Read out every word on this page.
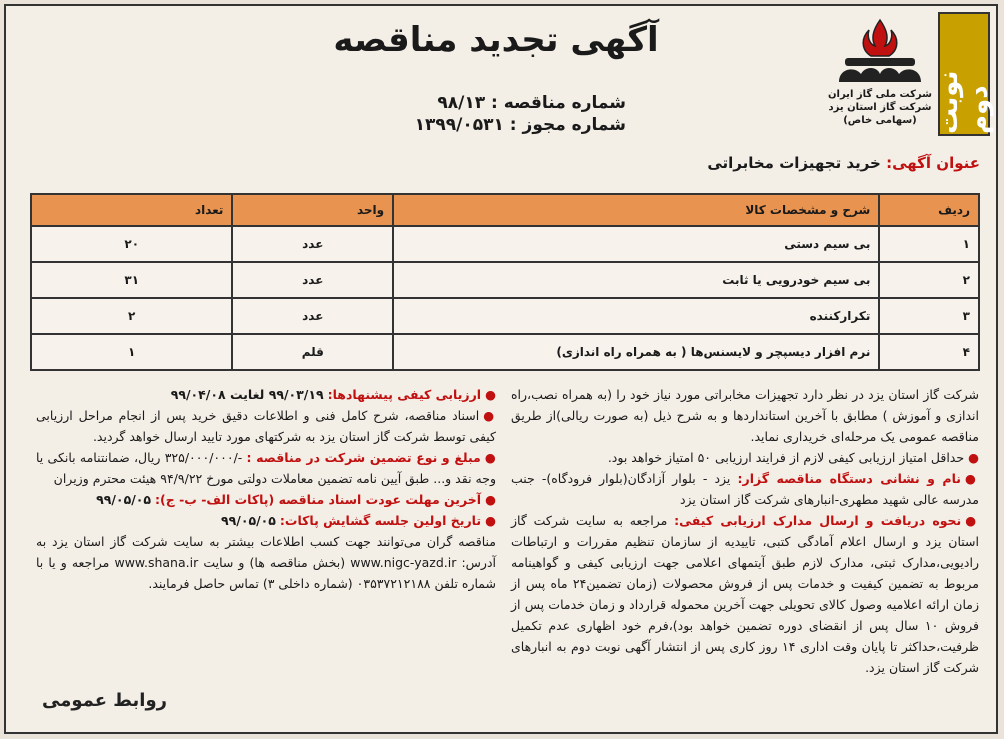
نوبت دوم
شرکت ملی گاز ایران
شرکت گاز استان یزد
(سهامی خاص)
آگهی تجدید مناقصه
شماره مناقصه : ۹۸/۱۳
شماره مجوز : ۱۳۹۹/۰۵۳۱
عنوان آگهی: خرید تجهیزات مخابراتی
ردیف	شرح و مشخصات کالا	واحد	تعداد
۱	بی سیم دستی	عدد	۲۰
۲	بی سیم خودرویی یا ثابت	عدد	۳۱
۳	تکرارکننده	عدد	۲
۴	نرم افزار دیسپچر و لایسنس‌ها ( به همراه راه اندازی)	قلم	۱

شرکت گاز استان یزد در نظر دارد تجهیزات مخابراتی مورد نیاز خود را (به همراه نصب،راه اندازی و آموزش ) مطابق با آخرین استانداردها و به شرح ذیل (به صورت ریالی)از طریق مناقصه عمومی یک مرحله‌ای خریداری نماید.

●حداقل امتیاز ارزیابی کیفی لازم از فرایند ارزیابی ۵۰ امتیاز خواهد بود.

●نام و نشانی دستگاه مناقصه گزار: یزد - بلوار آزادگان(بلوار فرودگاه)- جنب مدرسه عالی شهید مطهری-انبارهای شرکت گاز استان یزد

●نحوه دریافت و ارسال مدارک ارزیابی کیفی: مراجعه به سایت شرکت گاز استان یزد و ارسال اعلام آمادگی کتبی، تاییدیه از سازمان تنظیم مقررات و ارتباطات رادیویی،مدارک ثبتی، مدارک لازم طبق آیتمهای اعلامی جهت ارزیابی کیفی و گواهینامه مربوط به تضمین کیفیت و خدمات پس از فروش محصولات (زمان تضمین۲۴ ماه پس از زمان ارائه اعلامیه وصول کالای تحویلی جهت آخرین محموله قرارداد و زمان خدمات پس از فروش ۱۰ سال پس از انقضای دوره تضمین خواهد بود)،فرم خود اظهاری عدم تکمیل ظرفیت،حداکثر تا پایان وقت اداری ۱۴ روز کاری پس از انتشار آگهی نوبت دوم به انبارهای شرکت گاز استان یزد.

●ارزیابی کیفی پیشنهادها: ۹۹/۰۳/۱۹ لغایت ۹۹/۰۴/۰۸

●اسناد مناقصه، شرح کامل فنی و اطلاعات دقیق خرید پس از انجام مراحل ارزیابی کیفی توسط شرکت گاز استان یزد به شرکتهای مورد تایید ارسال خواهد گردید.

●مبلغ و نوع تضمین شرکت در مناقصه : -/۳۲۵/۰۰۰/۰۰۰ ریال، ضمانتنامه بانکی یا وجه نقد و... طبق آیین نامه تضمین معاملات دولتی مورخ ۹۴/۹/۲۲ هیئت محترم وزیران

●آخرین مهلت عودت اسناد مناقصه (پاکات الف- ب- ج): ۹۹/۰۵/۰۵

●تاریخ اولین جلسه گشایش پاکات: ۹۹/۰۵/۰۵

مناقصه گران می‌توانند جهت کسب اطلاعات بیشتر به سایت شرکت گاز استان یزد به آدرس: www.nigc-yazd.ir (بخش مناقصه ها) و سایت www.shana.ir مراجعه و یا با شماره تلفن ۰۳۵۳۷۲۱۲۱۸۸ (شماره داخلی ۳) تماس حاصل فرمایند.

روابط عمومی
